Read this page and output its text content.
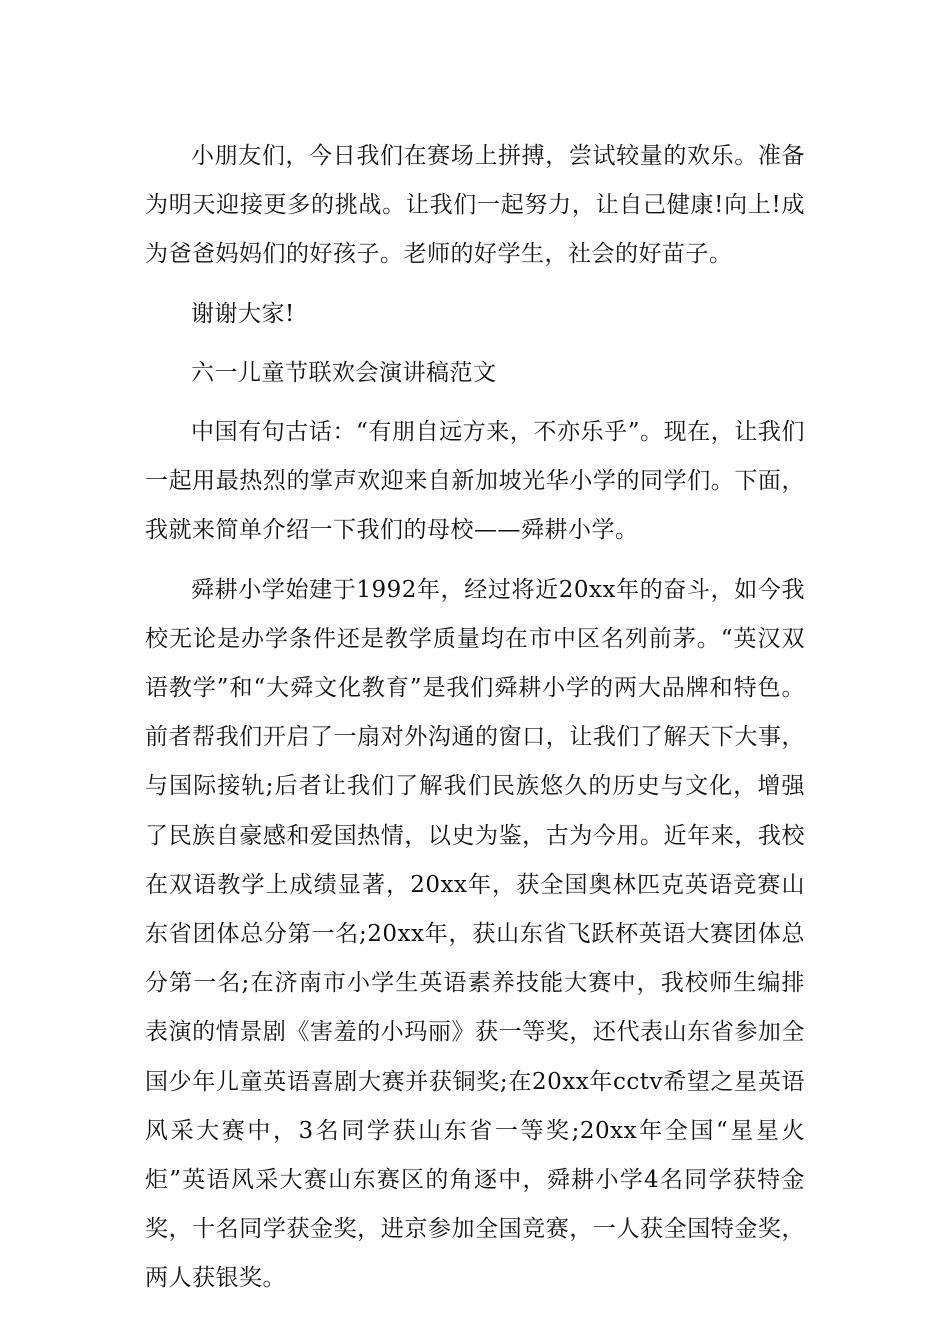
小朋友们，今日我们在赛场上拼搏，尝试较量的欢乐。准备为明天迎接更多的挑战。让我们一起努力，让自己健康!向上!成为爸爸妈妈们的好孩子。老师的好学生，社会的好苗子。

谢谢大家!

六一儿童节联欢会演讲稿范文

中国有句古话：“有朋自远方来，不亦乐乎”。现在，让我们一起用最热烈的掌声欢迎来自新加坡光华小学的同学们。下面，我就来简单介绍一下我们的母校——舜耕小学。

舜耕小学始建于1992年，经过将近20xx年的奋斗，如今我校无论是办学条件还是教学质量均在市中区名列前茅。“英汉双语教学”和“大舜文化教育”是我们舜耕小学的两大品牌和特色。前者帮我们开启了一扇对外沟通的窗口，让我们了解天下大事，与国际接轨;后者让我们了解我们民族悠久的历史与文化，增强了民族自豪感和爱国热情，以史为鉴，古为今用。近年来，我校在双语教学上成绩显著，20xx年，获全国奥林匹克英语竞赛山东省团体总分第一名;20xx年，获山东省飞跃杯英语大赛团体总分第一名;在济南市小学生英语素养技能大赛中，我校师生编排表演的情景剧《害羞的小玛丽》获一等奖，还代表山东省参加全国少年儿童英语喜剧大赛并获铜奖;在20xx年cctv希望之星英语风采大赛中，3名同学获山东省一等奖;20xx年全国“星星火炬”英语风采大赛山东赛区的角逐中，舜耕小学4名同学获特金奖，十名同学获金奖，进京参加全国竞赛，一人获全国特金奖，两人获银奖。
